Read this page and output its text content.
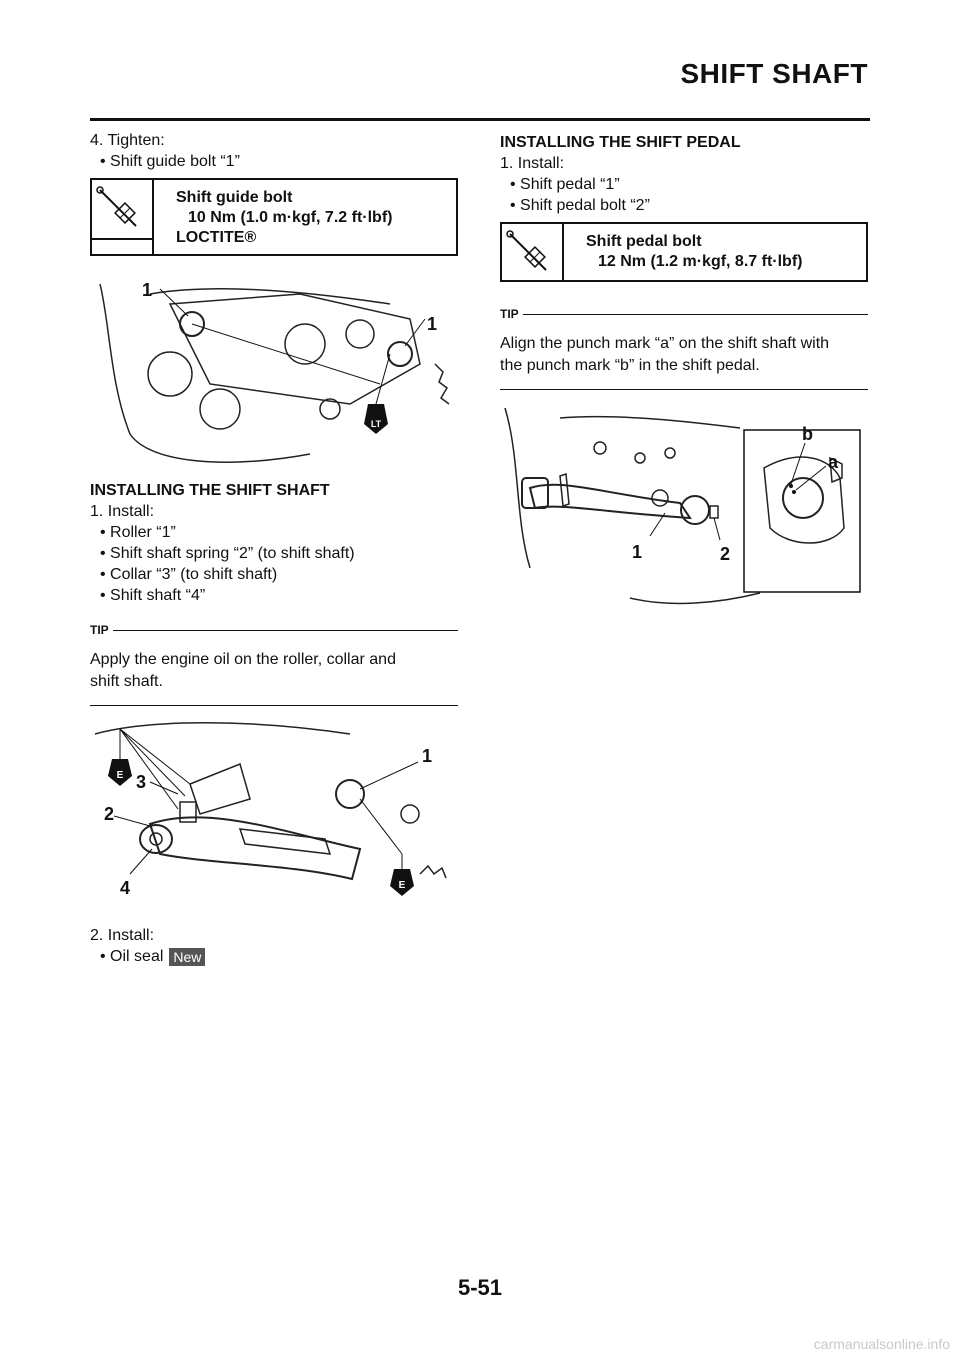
SHIFT SHAFT
4. Tighten:
• Shift guide bolt “1”
Shift guide bolt
10 Nm (1.0 m·kgf, 7.2 ft·lbf)
LOCTITE®
LT
1
1
INSTALLING THE SHIFT SHAFT
1. Install:
• Roller “1”
• Shift shaft spring “2” (to shift shaft)
• Collar “3” (to shift shaft)
• Shift shaft “4”
TIP
Apply the engine oil on the roller, collar and
shift shaft.
E
E
1
2
3
4
2. Install:
• Oil seal New
INSTALLING THE SHIFT PEDAL
1. Install:
• Shift pedal “1”
• Shift pedal bolt “2”
Shift pedal bolt
12 Nm (1.2 m·kgf, 8.7 ft·lbf)
TIP
Align the punch mark “a” on the shift shaft with
the punch mark “b” in the shift pedal.
b
a
1	2
5-51
carmanualsonline.info
